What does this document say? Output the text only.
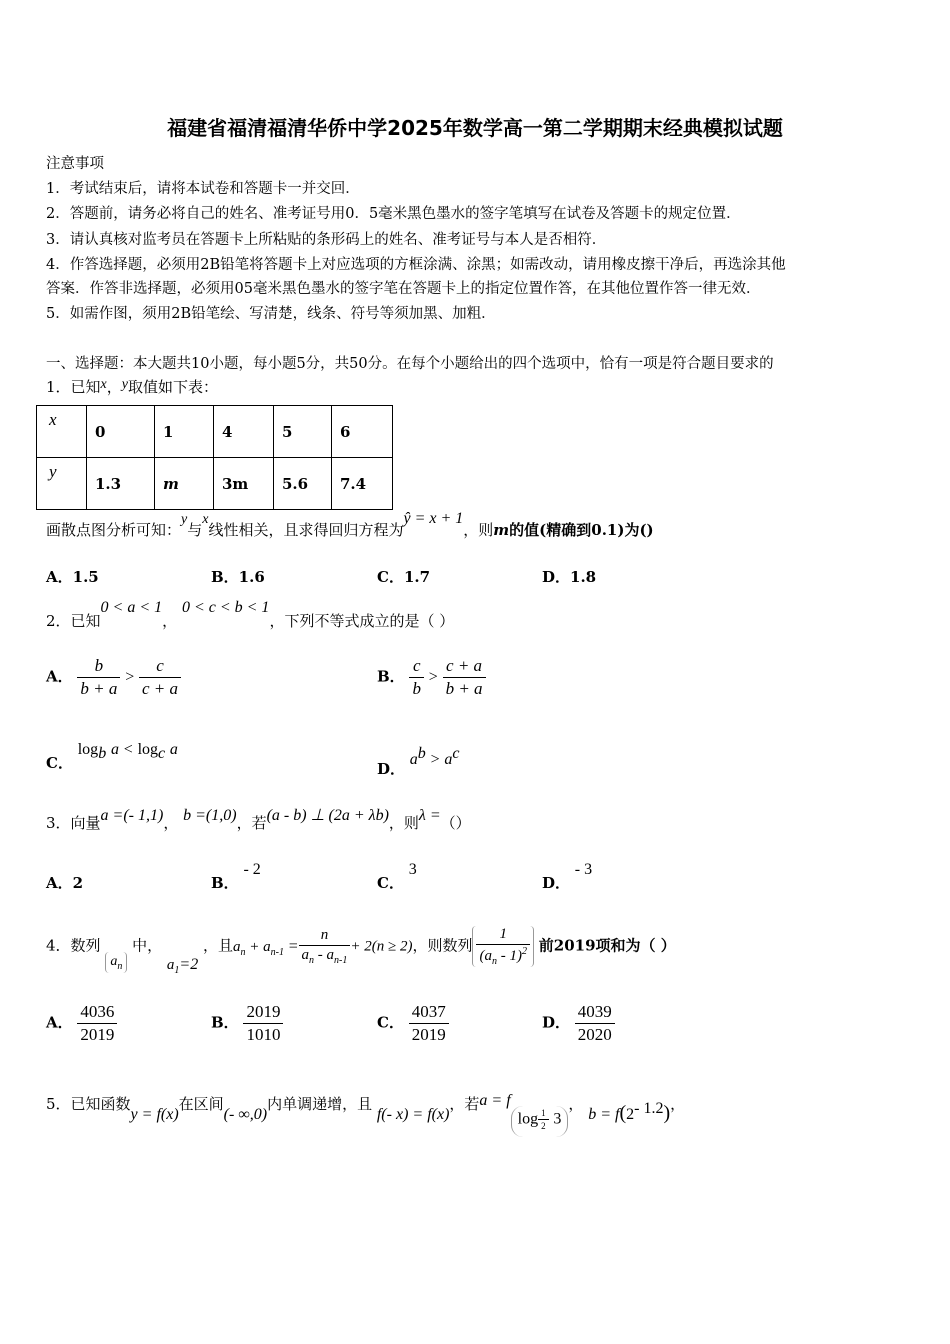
福建省福清福清华侨中学2025年数学高一第二学期期末经典模拟试题
注意事项
1．考试结束后，请将本试卷和答题卡一并交回．
2．答题前，请务必将自己的姓名、准考证号用0．5毫米黑色墨水的签字笔填写在试卷及答题卡的规定位置．
3．请认真核对监考员在答题卡上所粘贴的条形码上的姓名、准考证号与本人是否相符．
4．作答选择题，必须用2B铅笔将答题卡上对应选项的方框涂满、涂黑；如需改动，请用橡皮擦干净后，再选涂其他
答案．作答非选择题，必须用05毫米黑色墨水的签字笔在答题卡上的指定位置作答，在其他位置作答一律无效．
5．如需作图，须用2B铅笔绘、写清楚，线条、符号等须加黑、加粗．
一、选择题：本大题共10小题，每小题5分，共50分。在每个小题给出的四个选项中，恰有一项是符合题目要求的
1．已知x，y取值如下表：
x	0	1	4	5	6
y	1.3	m	3m	5.6	7.4
画散点图分析可知：y与x线性相关，且求得回归方程为ŷ = x + 1，则m的值(精确到0.1)为()
A．1.5	B．1.6	C．1.7	D．1.8
2．已知0 < a < 1， 0 < c < b < 1，下列不等式成立的是（ ）
A． $\frac{b}{b + a} > \frac{c}{c + a}$	B． $\frac{c}{b} > \frac{c + a}{b + a}$
C． $\log_b a < \log_c a$
D． $a^b > a^c$
3．向量a =(- 1,1)， b =(1,0)，若(a - b) ⊥ (2a + λb)，则λ =（）
A．2	B． - 2
C． 3
D． - 3
4．数列 $a_n$ 中， $a_1=2$ ，且$a_n + a_{n-1} = \frac{n}{a_n - a_{n-1}} + 2(n \ge 2)$，则数列 $\frac{1}{(a_n - 1)^2}$ 前2019项和为（ ）
A． $\frac{4036}{2019}$	B． $\frac{2019}{1010}$	C． $\frac{4037}{2019}$	D． $\frac{4039}{2020}$
5．已知函数y = f(x)在区间(- ∞,0)内单调递增，且 f(- x) = f(x)，若a = flog $\frac{1}{2} 3$， $b = f(2^{- 1.2})$，
